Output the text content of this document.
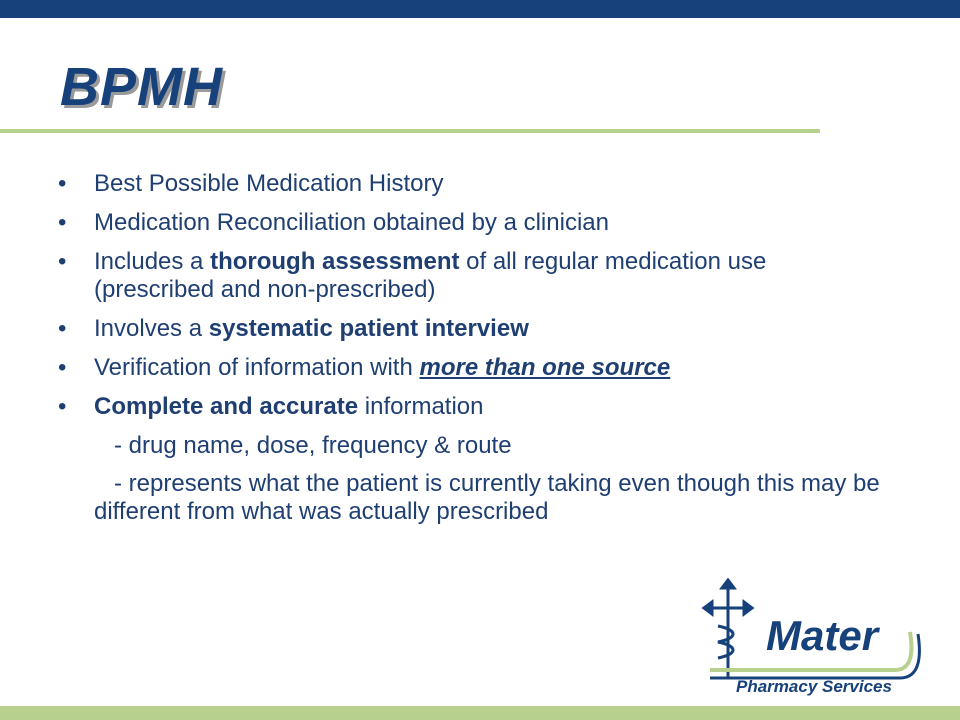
BPMH
• Best Possible Medication History
• Medication Reconciliation obtained by a clinician
• Includes a thorough assessment of all regular medication use (prescribed and non-prescribed)
• Involves a systematic patient interview
• Verification of information with more than one source
• Complete and accurate information
- drug name, dose, frequency & route
- represents what the patient is currently taking even though this may be different from what was actually prescribed
Mater
Pharmacy Services
